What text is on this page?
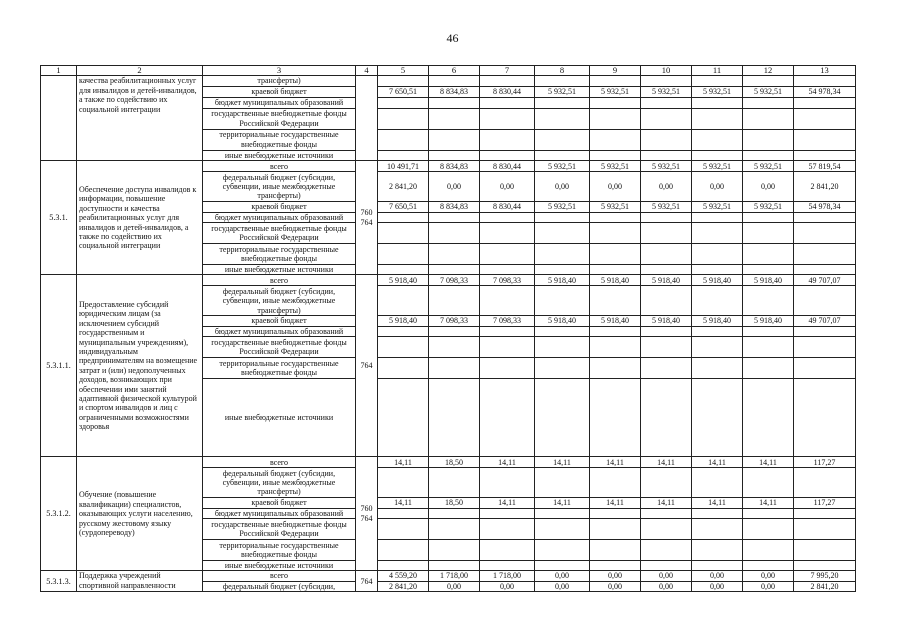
46
1	2	3	4	5	6	7	8	9	10	11	12	13
	качества реабилитационных услуг для инвалидов и детей-инвалидов, а также по содействию их социальной интеграции	трансферты)										
		краевой бюджет		7 650,51	8 834,83	8 830,44	5 932,51	5 932,51	5 932,51	5 932,51	5 932,51	54 978,34
		бюджет муниципальных образований										
		государственные внебюджетные фонды Российской Федерации										
		территориальные государственные внебюджетные фонды										
		иные внебюджетные источники										
5.3.1.	Обеспечение доступа инвалидов к информации, повышение доступности и качества реабилитационных услуг для инвалидов и детей-инвалидов, а также по содействию их социальной интеграции	всего	760 764	10 491,71	8 834,83	8 830,44	5 932,51	5 932,51	5 932,51	5 932,51	5 932,51	57 819,54
		федеральный бюджет (субсидии, субвенции, иные межбюджетные трансферты)		2 841,20	0,00	0,00	0,00	0,00	0,00	0,00	0,00	2 841,20
		краевой бюджет		7 650,51	8 834,83	8 830,44	5 932,51	5 932,51	5 932,51	5 932,51	5 932,51	54 978,34
		бюджет муниципальных образований										
		государственные внебюджетные фонды Российской Федерации										
		территориальные государственные внебюджетные фонды										
		иные внебюджетные источники										
5.3.1.1.	Предоставление субсидий юридическим лицам (за исключением субсидий государственным и муниципальным учреждениям), индивидуальным предпринимателям на возмещение затрат и (или) недополученных доходов, возникающих при обеспечении ими занятий адаптивной физической культурой и спортом инвалидов и лиц с ограниченными возможностями здоровья	всего	764	5 918,40	7 098,33	7 098,33	5 918,40	5 918,40	5 918,40	5 918,40	5 918,40	49 707,07
		федеральный бюджет (субсидии, субвенции, иные межбюджетные трансферты)										
		краевой бюджет		5 918,40	7 098,33	7 098,33	5 918,40	5 918,40	5 918,40	5 918,40	5 918,40	49 707,07
		бюджет муниципальных образований										
		государственные внебюджетные фонды Российской Федерации										
		территориальные государственные внебюджетные фонды										
		иные внебюджетные источники										
5.3.1.2.	Обучение (повышение квалификации) специалистов, оказывающих услуги населению, русскому жестовому языку (сурдопереводу)	всего	760 764	14,11	18,50	14,11	14,11	14,11	14,11	14,11	14,11	117,27
		федеральный бюджет (субсидии, субвенции, иные межбюджетные трансферты)										
		краевой бюджет		14,11	18,50	14,11	14,11	14,11	14,11	14,11	14,11	117,27
		бюджет муниципальных образований										
		государственные внебюджетные фонды Российской Федерации										
		территориальные государственные внебюджетные фонды										
		иные внебюджетные источники										
5.3.1.3.	Поддержка учреждений спортивной направленности	всего	764	4 559,20	1 718,00	1 718,00	0,00	0,00	0,00	0,00	0,00	7 995,20
		федеральный бюджет (субсидии,		2 841,20	0,00	0,00	0,00	0,00	0,00	0,00	0,00	2 841,20
